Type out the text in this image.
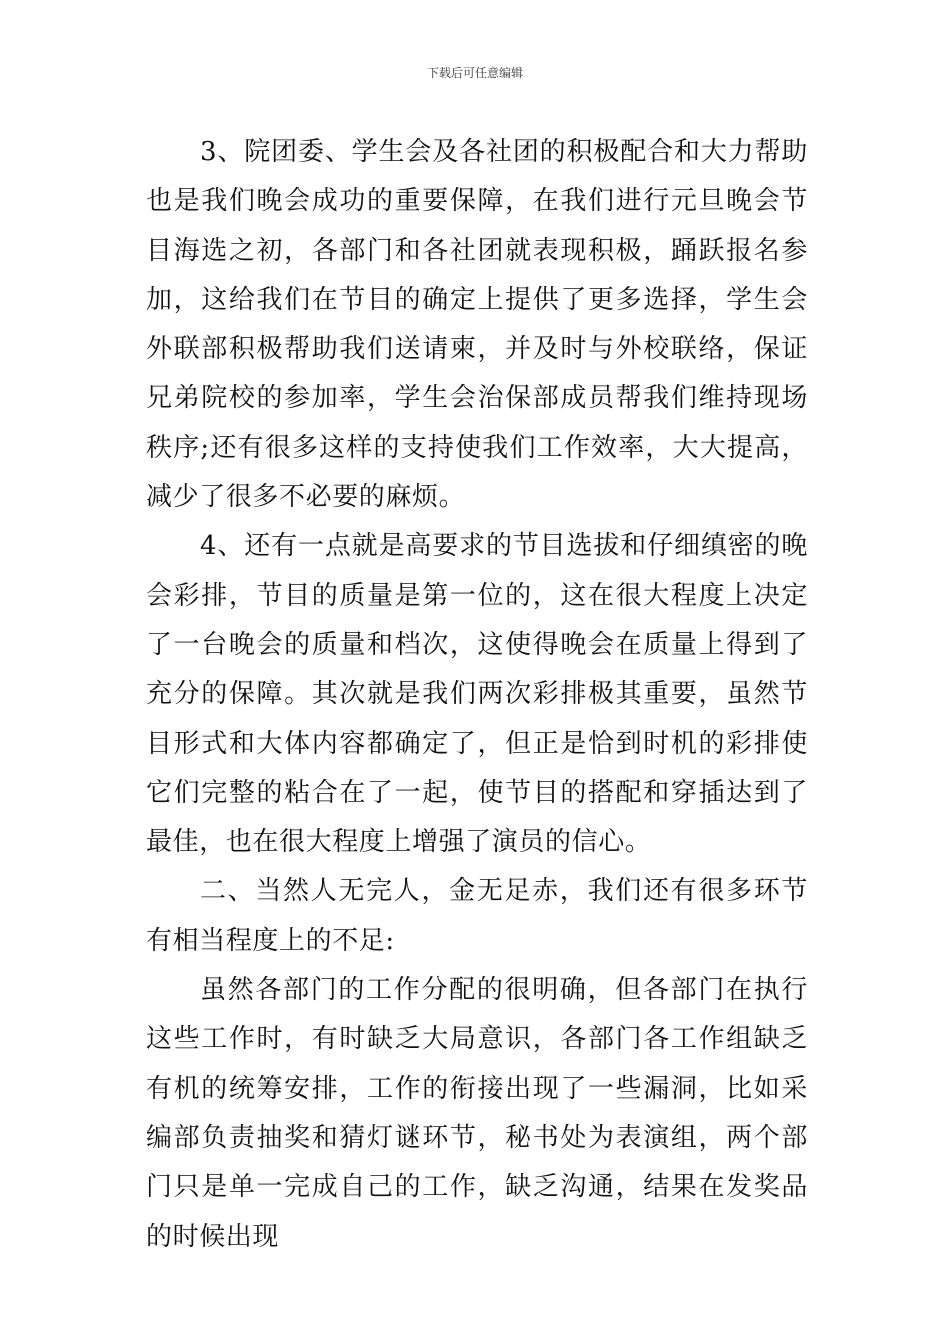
下载后可任意编辑

3、院团委、学生会及各社团的积极配合和大力帮助也是我们晚会成功的重要保障，在我们进行元旦晚会节目海选之初，各部门和各社团就表现积极，踊跃报名参加，这给我们在节目的确定上提供了更多选择，学生会外联部积极帮助我们送请柬，并及时与外校联络，保证兄弟院校的参加率，学生会治保部成员帮我们维持现场秩序;还有很多这样的支持使我们工作效率，大大提高，减少了很多不必要的麻烦。

4、还有一点就是高要求的节目选拔和仔细缜密的晚会彩排，节目的质量是第一位的，这在很大程度上决定了一台晚会的质量和档次，这使得晚会在质量上得到了充分的保障。其次就是我们两次彩排极其重要，虽然节目形式和大体内容都确定了，但正是恰到时机的彩排使它们完整的粘合在了一起，使节目的搭配和穿插达到了最佳，也在很大程度上增强了演员的信心。

二、当然人无完人，金无足赤，我们还有很多环节有相当程度上的不足:

虽然各部门的工作分配的很明确，但各部门在执行这些工作时，有时缺乏大局意识，各部门各工作组缺乏有机的统筹安排，工作的衔接出现了一些漏洞，比如采编部负责抽奖和猜灯谜环节，秘书处为表演组，两个部门只是单一完成自己的工作，缺乏沟通，结果在发奖品的时候出现
